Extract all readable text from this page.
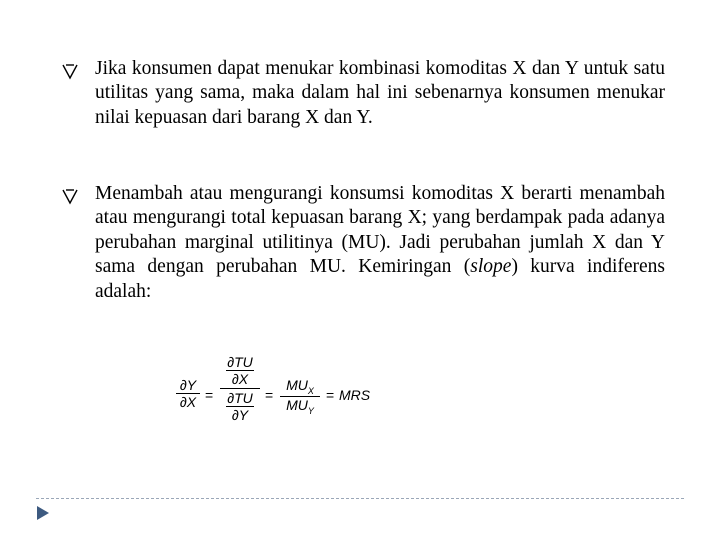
Jika konsumen dapat menukar kombinasi komoditas X dan Y untuk satu utilitas yang sama, maka dalam hal ini sebenarnya konsumen menukar nilai kepuasan dari barang X dan Y.
Menambah atau mengurangi konsumsi komoditas X berarti menambah atau mengurangi total kepuasan barang X; yang berdampak pada adanya perubahan marginal utilitinya (MU). Jadi perubahan jumlah X dan Y sama dengan perubahan MU. Kemiringan (slope) kurva indiferens adalah:
∂Y
∂X =
$\frac{\partial TU}{\partial X}$
$\frac{\partial TU}{\partial Y}$ =
$MU_X$
$MU_Y$
= MRS
